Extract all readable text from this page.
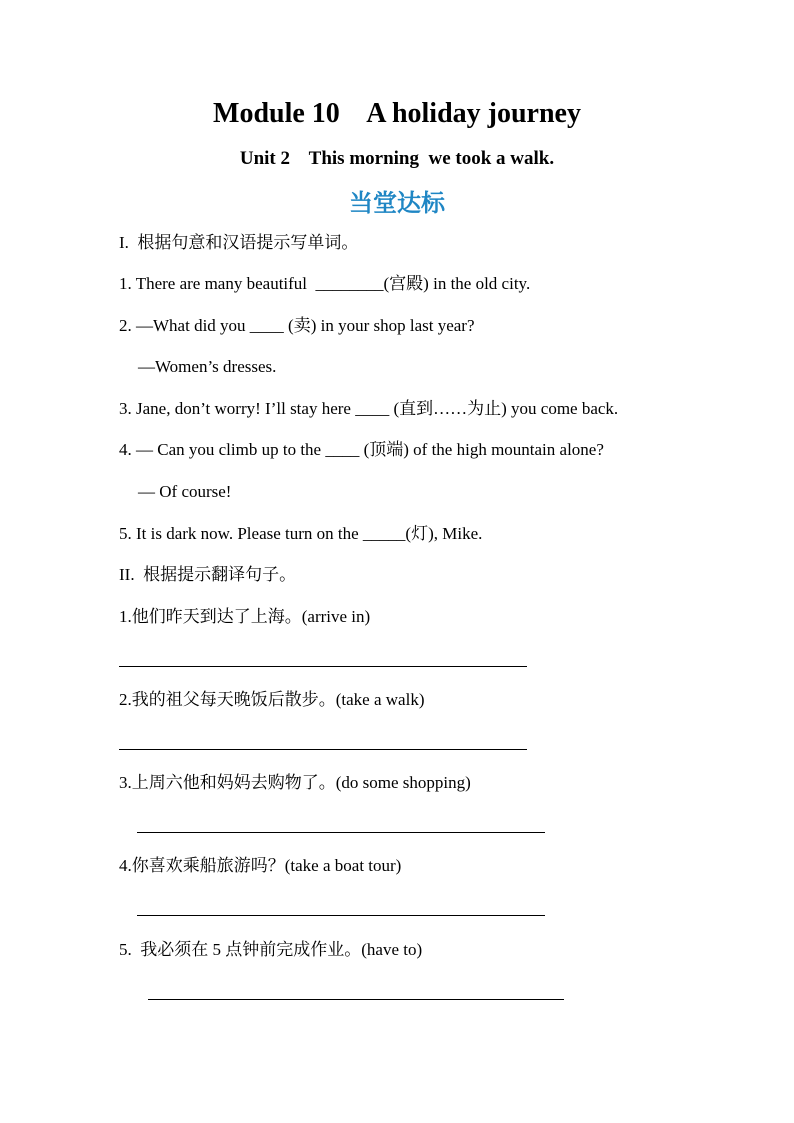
Module 10    A holiday journey
Unit 2    This morning  we took a walk.
当堂达标
I.  根据句意和汉语提示写单词。
1. There are many beautiful  ________(宫殿) in the old city.
2. —What did you ____ (卖) in your shop last year?
—Women’s dresses.
3. Jane, don’t worry! I’ll stay here ____ (直到……为止) you come back.
4. — Can you climb up to the ____ (顶端) of the high mountain alone?
— Of course!
5. It is dark now. Please turn on the _____(灯), Mike.
II.  根据提示翻译句子。
1.他们昨天到达了上海。(arrive in)
2.我的祖父每天晚饭后散步。(take a walk)
3.上周六他和妈妈去购物了。(do some shopping)
4.你喜欢乘船旅游吗？(take a boat tour)
5.  我必须在 5 点钟前完成作业。(have to)
